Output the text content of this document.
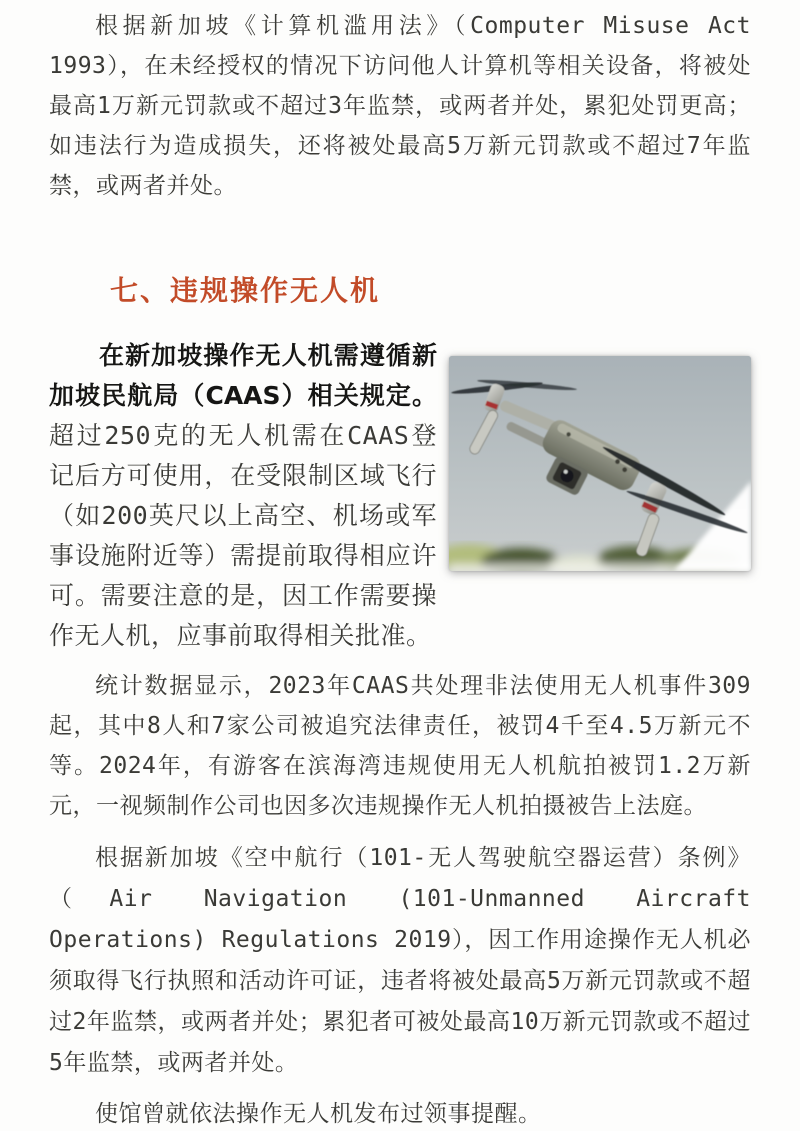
根据新加坡《计算机滥用法》（Computer Misuse Act 1993），在未经授权的情况下访问他人计算机等相关设备，将被处最高1万新元罚款或不超过3年监禁，或两者并处，累犯处罚更高；如违法行为造成损失，还将被处最高5万新元罚款或不超过7年监禁，或两者并处。

七、违规操作无人机

在新加坡操作无人机需遵循新加坡民航局（CAAS）相关规定。超过250克的无人机需在CAAS登记后方可使用，在受限制区域飞行（如200英尺以上高空、机场或军事设施附近等）需提前取得相应许可。需要注意的是，因工作需要操作无人机，应事前取得相关批准。

统计数据显示，2023年CAAS共处理非法使用无人机事件309起，其中8人和7家公司被追究法律责任，被罚4千至4.5万新元不等。2024年，有游客在滨海湾违规使用无人机航拍被罚1.2万新元，一视频制作公司也因多次违规操作无人机拍摄被告上法庭。

根据新加坡《空中航行（101-无人驾驶航空器运营）条例》（Air Navigation (101-Unmanned Aircraft Operations) Regulations 2019），因工作用途操作无人机必须取得飞行执照和活动许可证，违者将被处最高5万新元罚款或不超过2年监禁，或两者并处；累犯者可被处最高10万新元罚款或不超过5年监禁，或两者并处。

使馆曾就依法操作无人机发布过领事提醒。
